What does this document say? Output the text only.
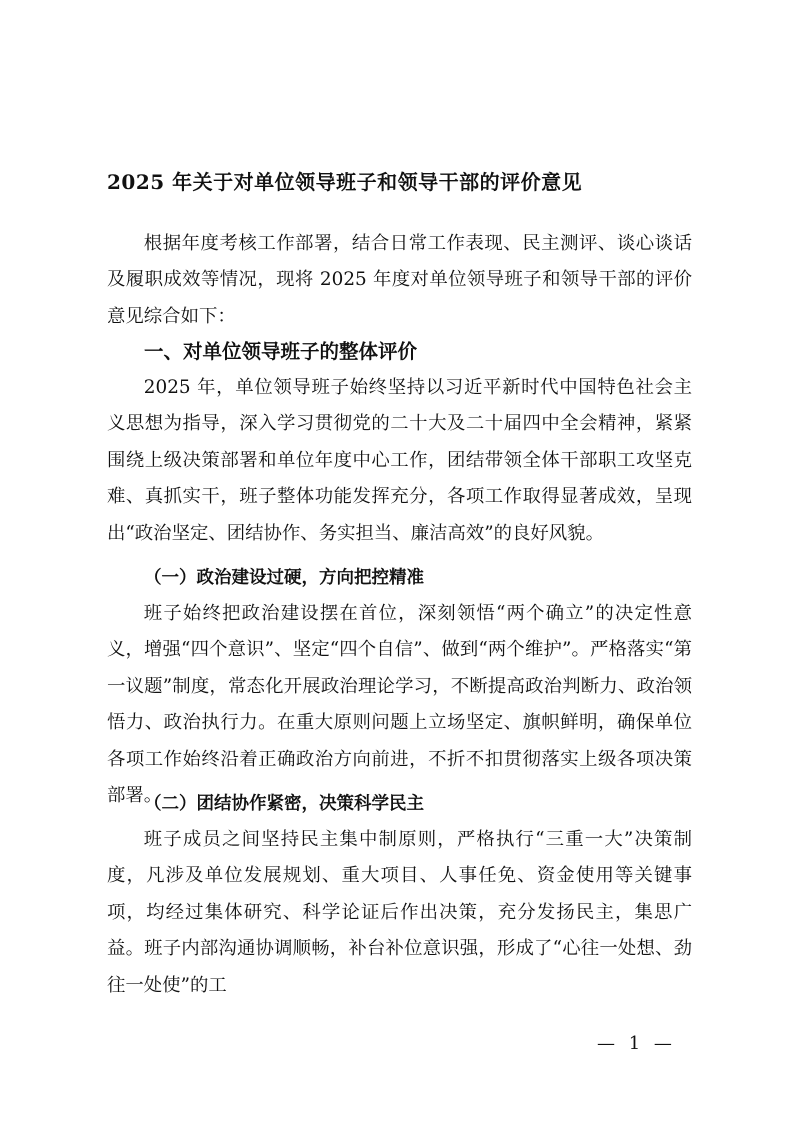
2025 年关于对单位领导班子和领导干部的评价意见
根据年度考核工作部署，结合日常工作表现、民主测评、谈心谈话及履职成效等情况，现将 2025 年度对单位领导班子和领导干部的评价意见综合如下：
一、对单位领导班子的整体评价
2025 年，单位领导班子始终坚持以习近平新时代中国特色社会主义思想为指导，深入学习贯彻党的二十大及二十届四中全会精神，紧紧围绕上级决策部署和单位年度中心工作，团结带领全体干部职工攻坚克难、真抓实干，班子整体功能发挥充分，各项工作取得显著成效，呈现出“政治坚定、团结协作、务实担当、廉洁高效”的良好风貌。
（一）政治建设过硬，方向把控精准
班子始终把政治建设摆在首位，深刻领悟“两个确立”的决定性意义，增强“四个意识”、坚定“四个自信”、做到“两个维护”。严格落实“第一议题”制度，常态化开展政治理论学习，不断提高政治判断力、政治领悟力、政治执行力。在重大原则问题上立场坚定、旗帜鲜明，确保单位各项工作始终沿着正确政治方向前进，不折不扣贯彻落实上级各项决策部署。
（二）团结协作紧密，决策科学民主
班子成员之间坚持民主集中制原则，严格执行“三重一大”决策制度，凡涉及单位发展规划、重大项目、人事任免、资金使用等关键事项，均经过集体研究、科学论证后作出决策，充分发扬民主，集思广益。班子内部沟通协调顺畅，补台补位意识强，形成了“心往一处想、劲往一处使”的工
— 1 —
